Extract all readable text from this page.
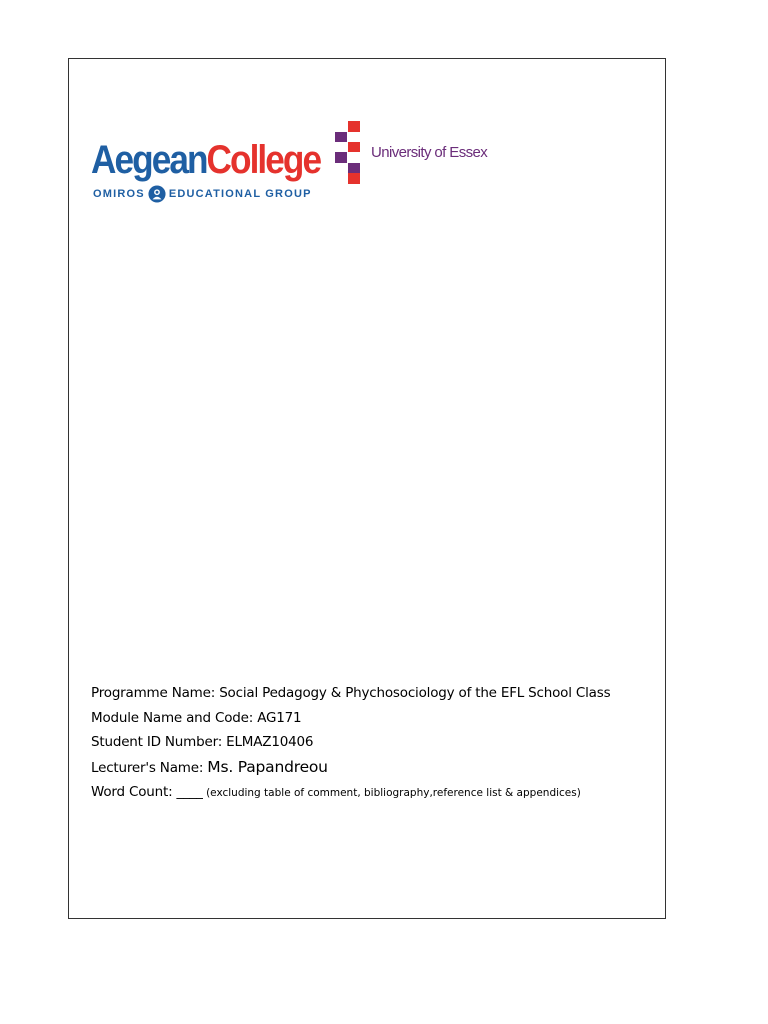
AegeanCollege
OMIROS EDUCATIONAL GROUP
University of Essex
Programme Name: Social Pedagogy & Phychosociology of the EFL School Class
Module Name and Code: AG171
Student ID Number: ELMAZ10406
Lecturer's Name: Ms. Papandreou
Word Count: ____ (excluding table of comment, bibliography,reference list & appendices)
